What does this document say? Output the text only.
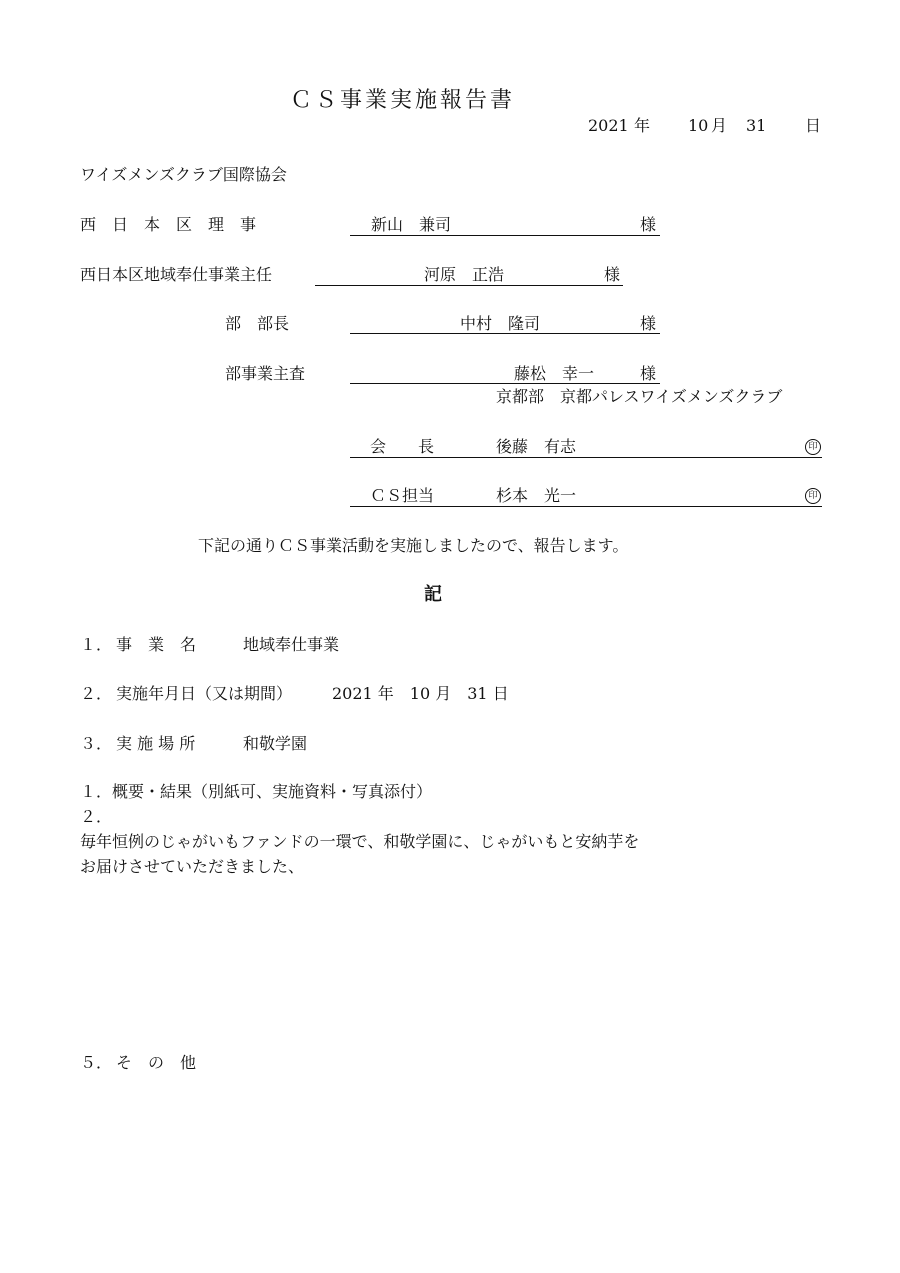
ＣＳ事業実施報告書
2021 年 10 月 31 日
ワイズメンズクラブ国際協会
西　日　本　区　理　事	新山　兼司	様
西日本区地域奉仕事業主任	河原　正浩	様
部　部長	中村　隆司	様
部事業主査	藤松　幸一	様
京都部　京都パレスワイズメンズクラブ
会　　長	後藤　有志	印
ＣＳ担当	杉本　光一	印
下記の通りＣＳ事業活動を実施しましたので、報告します。
記
１． 事　業　名	地域奉仕事業
２． 実施年月日（又は期間） 2021 年　10 月　31 日
３． 実 施 場 所	和敬学園
１．概要・結果（別紙可、実施資料・写真添付）
２．
毎年恒例のじゃがいもファンドの一環で、和敬学園に、じゃがいもと安納芋を
お届けさせていただきました、
５． そ　の　他
